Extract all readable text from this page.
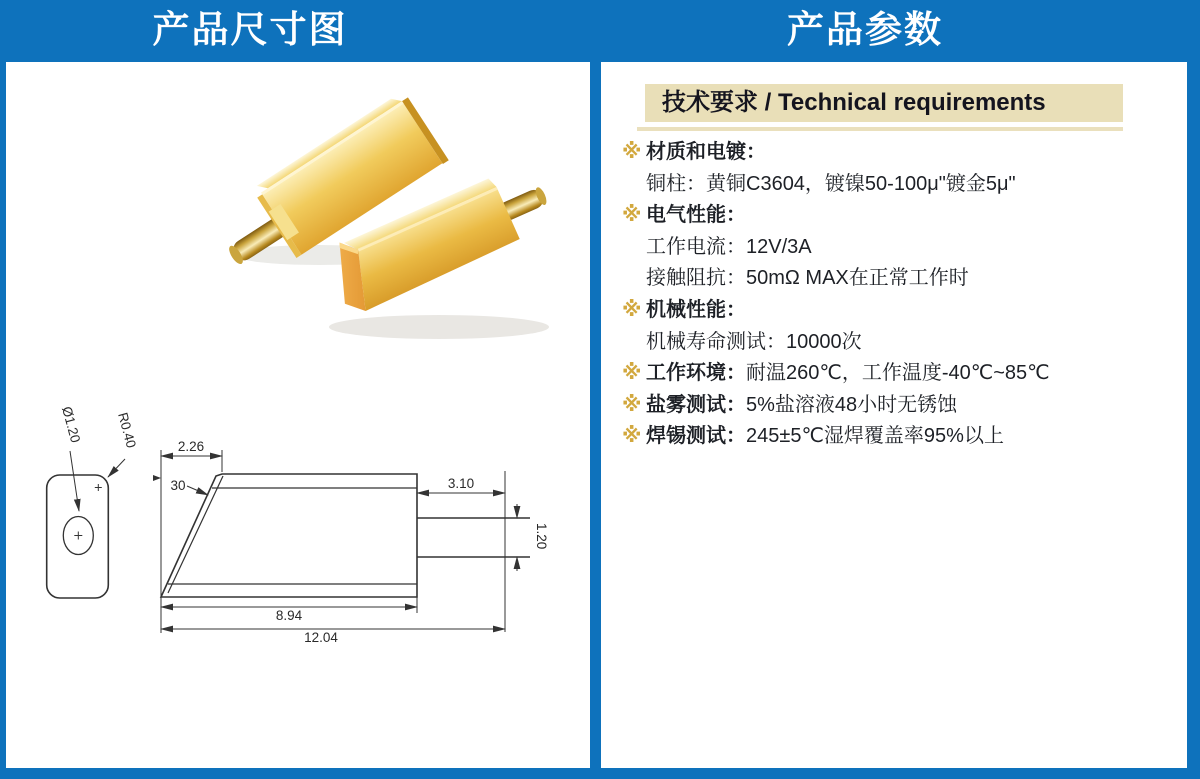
产品尺寸图	产品参数
Ø1.20 R0.40	2.26
30	3.10
1.20
8.94
12.04
技术要求 / Technical requirements
※ 材质和电镀：
铜柱：黄铜C3604，镀镍50-100μ"镀金5μ"
※ 电气性能：
工作电流：12V/3A
接触阻抗：50mΩ MAX在正常工作时
※ 机械性能：
机械寿命测试：10000次
※ 工作环境：耐温260℃，工作温度-40℃~85℃
※ 盐雾测试：5%盐溶液48小时无锈蚀
※ 焊锡测试：245±5℃湿焊覆盖率95%以上
